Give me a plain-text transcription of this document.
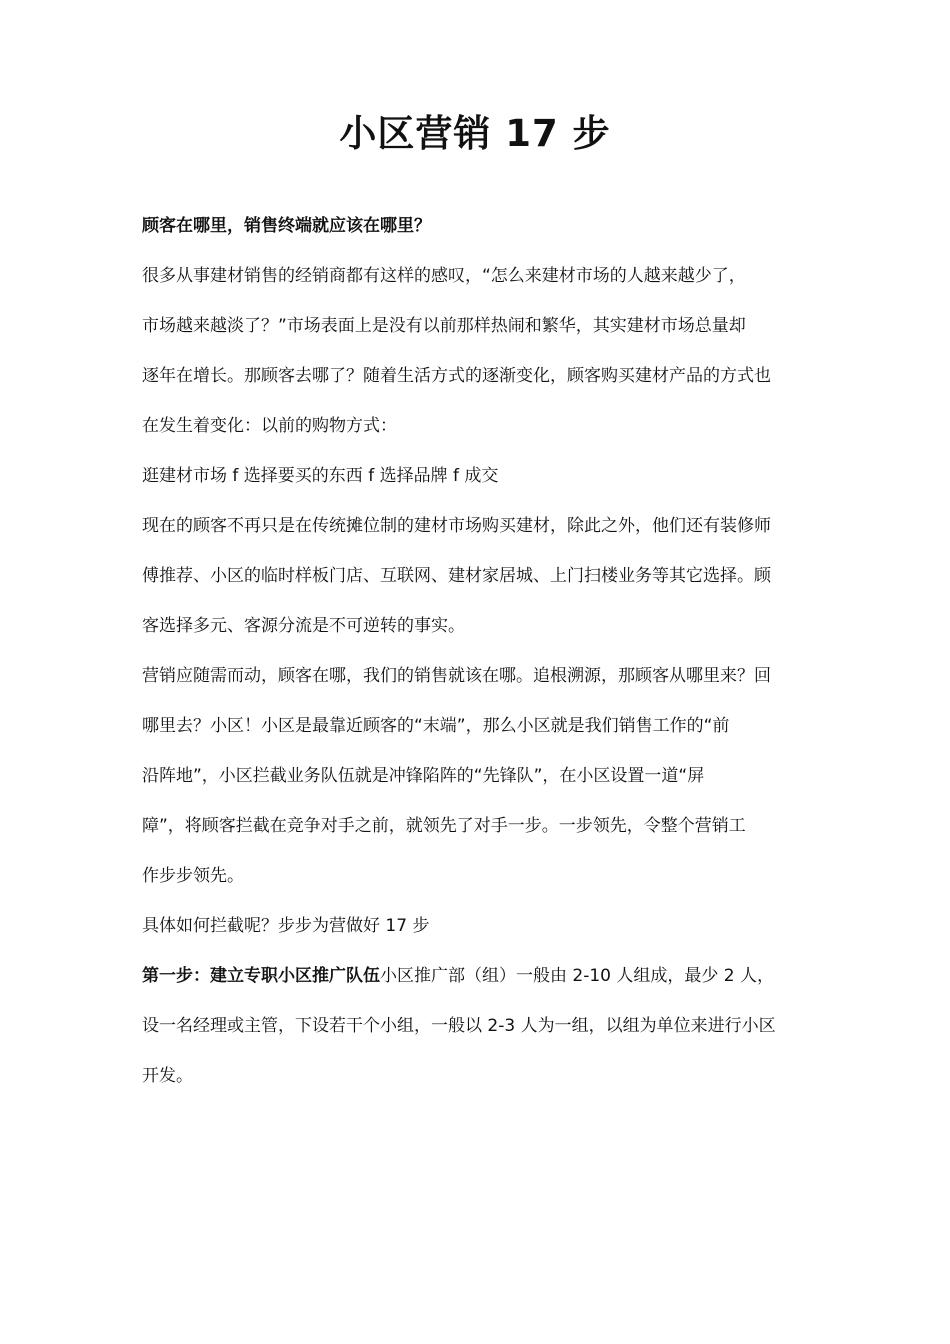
小区营销 17 步
顾客在哪里，销售终端就应该在哪里？
很多从事建材销售的经销商都有这样的感叹，“怎么来建材市场的人越来越少了，
市场越来越淡了？”市场表面上是没有以前那样热闹和繁华，其实建材市场总量却
逐年在增长。那顾客去哪了？随着生活方式的逐渐变化，顾客购买建材产品的方式也
在发生着变化：以前的购物方式：
逛建材市场 f 选择要买的东西 f 选择品牌 f 成交
现在的顾客不再只是在传统摊位制的建材市场购买建材，除此之外，他们还有装修师
傅推荐、小区的临时样板门店、互联网、建材家居城、上门扫楼业务等其它选择。顾
客选择多元、客源分流是不可逆转的事实。
营销应随需而动，顾客在哪，我们的销售就该在哪。追根溯源，那顾客从哪里来？回
哪里去？小区！小区是最靠近顾客的“末端”，那么小区就是我们销售工作的“前
沿阵地”，小区拦截业务队伍就是冲锋陷阵的“先锋队”，在小区设置一道“屏
障”，将顾客拦截在竞争对手之前，就领先了对手一步。一步领先，令整个营销工
作步步领先。
具体如何拦截呢？步步为营做好 17 步
第一步：建立专职小区推广队伍小区推广部（组）一般由 2-10 人组成，最少 2 人，
设一名经理或主管，下设若干个小组，一般以 2-3 人为一组，以组为单位来进行小区
开发。
